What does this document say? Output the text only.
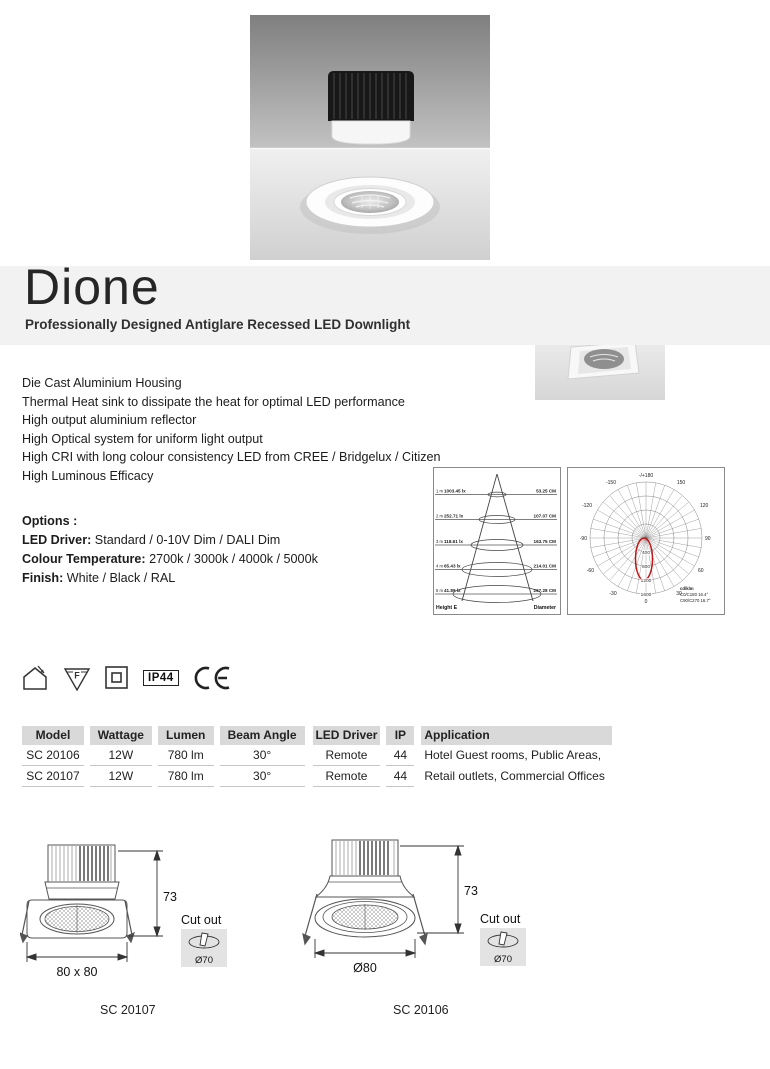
Dione
Professionally Designed Antiglare Recessed LED Downlight
Die Cast Aluminium Housing
Thermal Heat sink to dissipate the heat for optimal LED performance
High output aluminium reflector
High Optical system for uniform light output
High CRI with long colour consistency LED from CREE / Bridgelux / Citizen
High Luminous Efficacy
Options :
LED Driver: Standard / 0-10V Dim / DALI Dim
Colour Temperature: 2700k / 3000k / 4000k / 5000k
Finish: White / Black / RAL
1 m 1003.45 lx	53.25 CM
2 m 252.71 lx	107.07 CM
3 m 118.61 lx	163.75 CM
4 m 65.43 lx	214.01 CM
5 m 41.89 lx	267.28 CM
Height E	Diameter
-150
-/+180
150
-120	120
-90	90
-60	60
-30	30
0
400
800
1200
1600
cd/klm
C0/C180 16.4°
C90/C270 16.7°
F	IP44
Model	Wattage	Lumen	Beam Angle	LED Driver	IP	Application
SC 20106	12W	780 lm	30°	Remote	44	Hotel Guest rooms, Public Areas,
SC 20107	12W	780 lm	30°	Remote	44	Retail outlets, Commercial Offices
73
80 x 80
Cut out
Ø70
73
Ø80
Cut out
Ø70
SC 20107	SC 20106
